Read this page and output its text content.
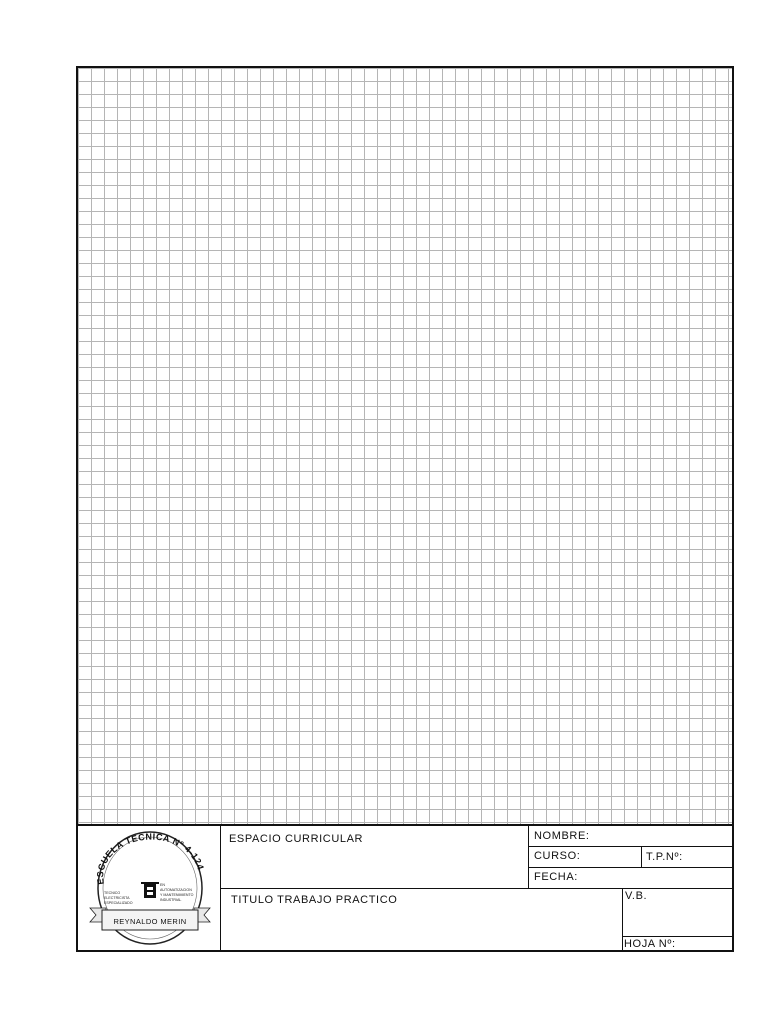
ESCUELA TECNICA Nº 4-124
TECNICO
ELECTRICISTA
ESPECIALIZADO
EN
AUTOMATIZACION
Y MANTENIMIENTO
INDUSTRIAL
REYNALDO MERIN
ESPACIO CURRICULAR
TITULO TRABAJO PRACTICO
NOMBRE:
CURSO:	T.P.Nº:
FECHA:
V.B.
HOJA Nº:
